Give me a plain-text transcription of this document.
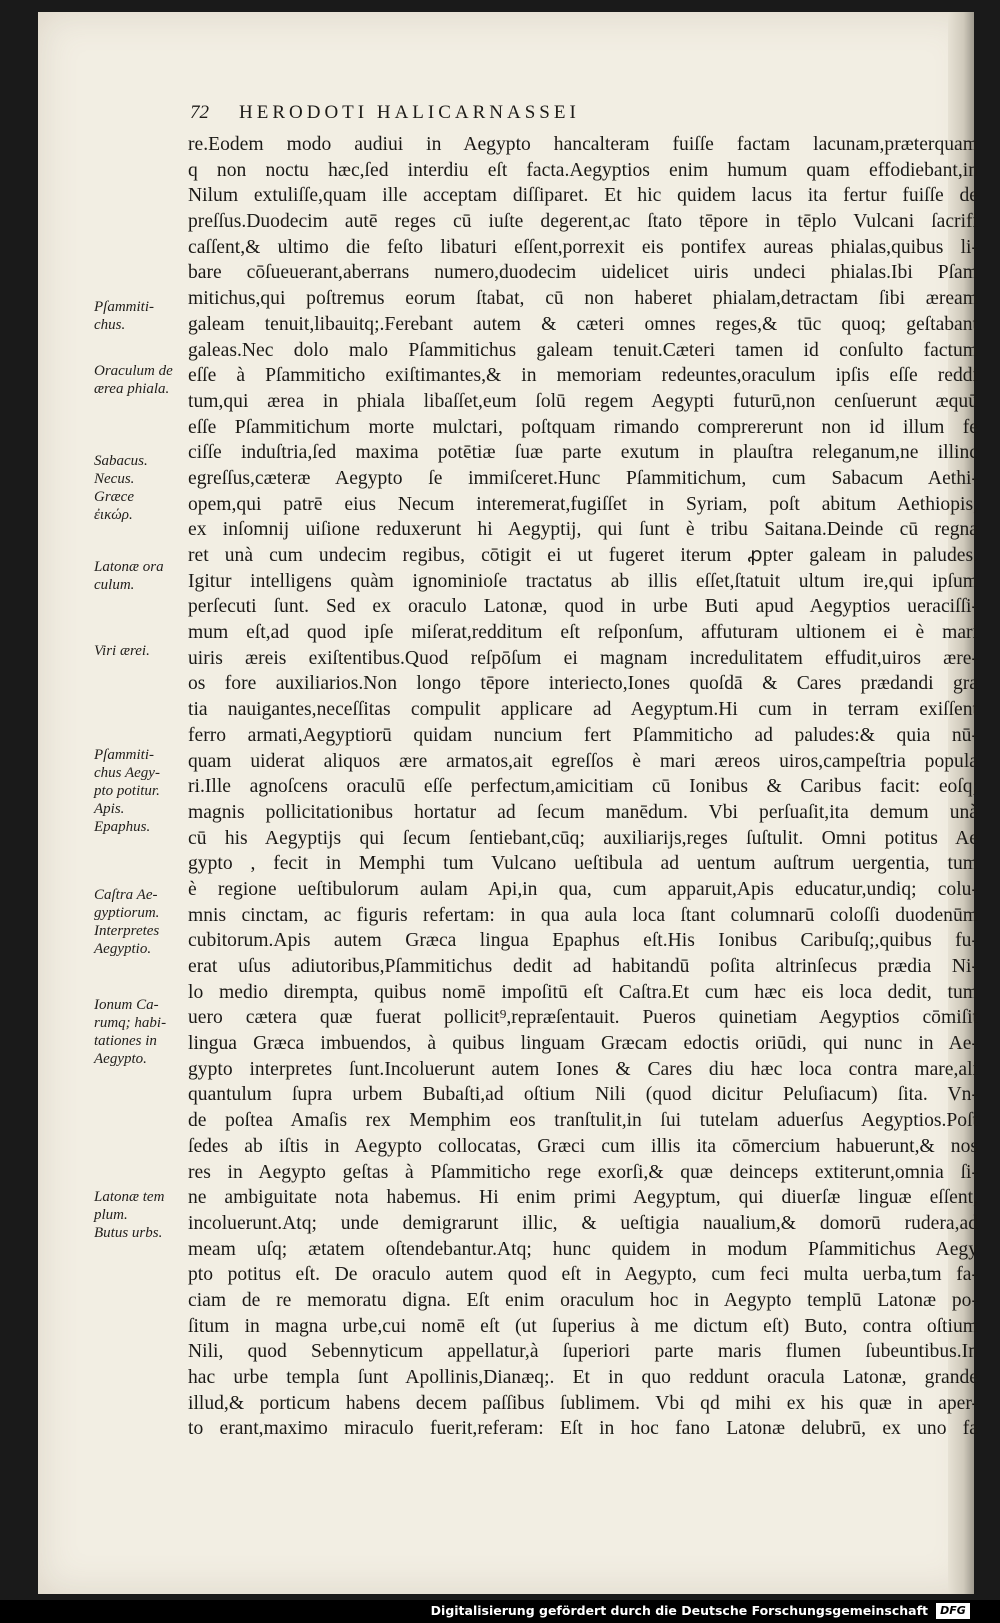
72 HERODOTI HALICARNASSEI
re.Eodem modo audiui in Aegypto hancalteram fuiſſe factam lacunam,præterquam
q non noctu hæc,ſed interdiu eſt facta.Aegyptios enim humum quam effodiebant,in
Nilum extuliſſe,quam ille acceptam diſſiparet. Et hic quidem lacus ita fertur fuiſſe de
preſſus.Duodecim autē reges cū iuſte degerent,ac ſtato tēpore in tēplo Vulcani ſacrifi
caſſent,& ultimo die feſto libaturi eſſent,porrexit eis pontifex aureas phialas,quibus li-
bare cōſueuerant,aberrans numero,duodecim uidelicet uiris undeci phialas.Ibi Pſam
mitichus,qui poſtremus eorum ſtabat, cū non haberet phialam,detractam ſibi æream
galeam tenuit,libauitq;.Ferebant autem & cæteri omnes reges,& tūc quoq; geſtabant
galeas.Nec dolo malo Pſammitichus galeam tenuit.Cæteri tamen id conſulto factum
eſſe à Pſammiticho exiſtimantes,& in memoriam redeuntes,oraculum ipſis eſſe reddi
tum,qui ærea in phiala libaſſet,eum ſolū regem Aegypti futurū,non cenſuerunt æquū
eſſe Pſammitichum morte mulctari, poſtquam rimando comprererunt non id illum fe
ciſſe induſtria,ſed maxima potētiæ ſuæ parte exutum in plauſtra releganum,ne illinc
egreſſus,cæteræ Aegypto ſe immiſceret.Hunc Pſammitichum, cum Sabacum Aethi-
opem,qui patrē eius Necum interemerat,fugiſſet in Syriam, poſt abitum Aethiopis,
ex inſomnij uiſione reduxerunt hi Aegyptij, qui ſunt è tribu Saitana.Deinde cū regna
ret unà cum undecim regibus, cōtigit ei ut fugeret iterum ꝓpter galeam in paludes.
Igitur intelligens quàm ignominioſe tractatus ab illis eſſet,ſtatuit ultum ire,qui ipſum
perſecuti ſunt. Sed ex oraculo Latonæ, quod in urbe Buti apud Aegyptios ueraciſſi-
mum eſt,ad quod ipſe miſerat,redditum eſt reſponſum, affuturam ultionem ei è mari
uiris æreis exiſtentibus.Quod reſpōſum ei magnam incredulitatem effudit,uiros ære-
os fore auxiliarios.Non longo tēpore interiecto,Iones quoſdā & Cares prædandi gra
tia nauigantes,neceſſitas compulit applicare ad Aegyptum.Hi cum in terram exiſſent
ferro armati,Aegyptiorū quidam nuncium fert Pſammiticho ad paludes:& quia nū-
quam uiderat aliquos ære armatos,ait egreſſos è mari æreos uiros,campeſtria popula
ri.Ille agnoſcens oraculū eſſe perfectum,amicitiam cū Ionibus & Caribus facit: eoſq;
magnis pollicitationibus hortatur ad ſecum manēdum. Vbi perſuaſit,ita demum unà
cū his Aegyptijs qui ſecum ſentiebant,cūq; auxiliarijs,reges ſuſtulit. Omni potitus Ae
gypto , fecit in Memphi tum Vulcano ueſtibula ad uentum auſtrum uergentia, tum
è regione ueſtibulorum aulam Api,in qua, cum apparuit,Apis educatur,undiq; colu-
mnis cinctam, ac figuris refertam: in qua aula loca ſtant columnarū coloſſi duodenūm
cubitorum.Apis autem Græca lingua Epaphus eſt.His Ionibus Caribuſq;,quibus fu-
erat uſus adiutoribus,Pſammitichus dedit ad habitandū poſita altrinſecus prædia Ni-
lo medio dirempta, quibus nomē impoſitū eſt Caſtra.Et cum hæc eis loca dedit, tum
uero cætera quæ fuerat pollicit⁹,repræſentauit. Pueros quinetiam Aegyptios cōmiſit
lingua Græca imbuendos, à quibus linguam Græcam edoctis oriūdi, qui nunc in Ae-
gypto interpretes ſunt.Incoluerunt autem Iones & Cares diu hæc loca contra mare,ali
quantulum ſupra urbem Bubaſti,ad oſtium Nili (quod dicitur Peluſiacum) ſita. Vn-
de poſtea Amaſis rex Memphim eos tranſtulit,in ſui tutelam aduerſus Aegyptios.Poſt
ſedes ab iſtis in Aegypto collocatas, Græci cum illis ita cōmercium habuerunt,& nos
res in Aegypto geſtas à Pſammiticho rege exorſi,& quæ deinceps extiterunt,omnia ſi-
ne ambiguitate nota habemus. Hi enim primi Aegyptum, qui diuerſæ linguæ eſſent,
incoluerunt.Atq; unde demigrarunt illic, & ueſtigia naualium,& domorū rudera,ad
meam uſq; ætatem oſtendebantur.Atq; hunc quidem in modum Pſammitichus Aegy
pto potitus eſt. De oraculo autem quod eſt in Aegypto, cum feci multa uerba,tum fa-
ciam de re memoratu digna. Eſt enim oraculum hoc in Aegypto templū Latonæ po-
ſitum in magna urbe,cui nomē eſt (ut ſuperius à me dictum eſt) Buto, contra oſtium
Nili, quod Sebennyticum appellatur,à ſuperiori parte maris flumen ſubeuntibus.In
hac urbe templa ſunt Apollinis,Dianæq;. Et in quo reddunt oracula Latonæ, grande
illud,& porticum habens decem paſſibus ſublimem. Vbi qd mihi ex his quæ in aper-
to erant,maximo miraculo fuerit,referam: Eſt in hoc fano Latonæ delubrū, ex uno fa
Pſammiti-
chus.
Oraculum de
ærea phiala.
Sabacus.
Necus.
Græce
ἐικώρ.
Latonæ ora
culum.
Viri ærei.
Pſammiti-
chus Aegy-
pto potitur.
Apis.
Epaphus.
Caſtra Ae-
gyptiorum.
Interpretes
Aegyptio.
Ionum Ca-
rumq; habi-
tationes in
Aegypto.
Latonæ tem
plum.
Butus urbs.
Digitalisierung gefördert durch die Deutsche Forschungsgemeinschaft	DFG
